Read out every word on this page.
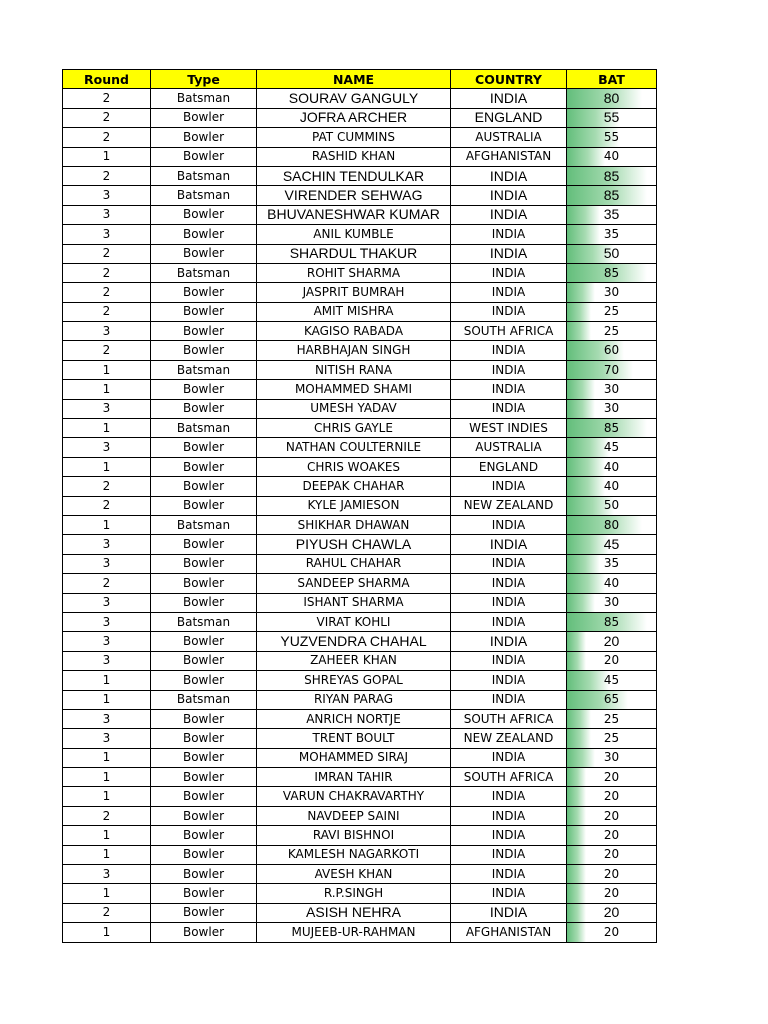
Round	Type	NAME	COUNTRY	BAT
2	Batsman	SOURAV GANGULY	INDIA	80
2	Bowler	JOFRA ARCHER	ENGLAND	55
2	Bowler	PAT CUMMINS	AUSTRALIA	55
1	Bowler	RASHID KHAN	AFGHANISTAN	40
2	Batsman	SACHIN TENDULKAR	INDIA	85
3	Batsman	VIRENDER SEHWAG	INDIA	85
3	Bowler	BHUVANESHWAR KUMAR	INDIA	35
3	Bowler	ANIL KUMBLE	INDIA	35
2	Bowler	SHARDUL THAKUR	INDIA	50
2	Batsman	ROHIT SHARMA	INDIA	85
2	Bowler	JASPRIT BUMRAH	INDIA	30
2	Bowler	AMIT MISHRA	INDIA	25
3	Bowler	KAGISO RABADA	SOUTH AFRICA	25
2	Bowler	HARBHAJAN SINGH	INDIA	60
1	Batsman	NITISH RANA	INDIA	70
1	Bowler	MOHAMMED SHAMI	INDIA	30
3	Bowler	UMESH YADAV	INDIA	30
1	Batsman	CHRIS GAYLE	WEST INDIES	85
3	Bowler	NATHAN COULTERNILE	AUSTRALIA	45
1	Bowler	CHRIS WOAKES	ENGLAND	40
2	Bowler	DEEPAK CHAHAR	INDIA	40
2	Bowler	KYLE JAMIESON	NEW ZEALAND	50
1	Batsman	SHIKHAR DHAWAN	INDIA	80
3	Bowler	PIYUSH CHAWLA	INDIA	45
3	Bowler	RAHUL CHAHAR	INDIA	35
2	Bowler	SANDEEP SHARMA	INDIA	40
3	Bowler	ISHANT SHARMA	INDIA	30
3	Batsman	VIRAT KOHLI	INDIA	85
3	Bowler	YUZVENDRA CHAHAL	INDIA	20
3	Bowler	ZAHEER KHAN	INDIA	20
1	Bowler	SHREYAS GOPAL	INDIA	45
1	Batsman	RIYAN PARAG	INDIA	65
3	Bowler	ANRICH NORTJE	SOUTH AFRICA	25
3	Bowler	TRENT BOULT	NEW ZEALAND	25
1	Bowler	MOHAMMED SIRAJ	INDIA	30
1	Bowler	IMRAN TAHIR	SOUTH AFRICA	20
1	Bowler	VARUN CHAKRAVARTHY	INDIA	20
2	Bowler	NAVDEEP SAINI	INDIA	20
1	Bowler	RAVI BISHNOI	INDIA	20
1	Bowler	KAMLESH NAGARKOTI	INDIA	20
3	Bowler	AVESH KHAN	INDIA	20
1	Bowler	R.P.SINGH	INDIA	20
2	Bowler	ASISH NEHRA	INDIA	20
1	Bowler	MUJEEB-UR-RAHMAN	AFGHANISTAN	20
